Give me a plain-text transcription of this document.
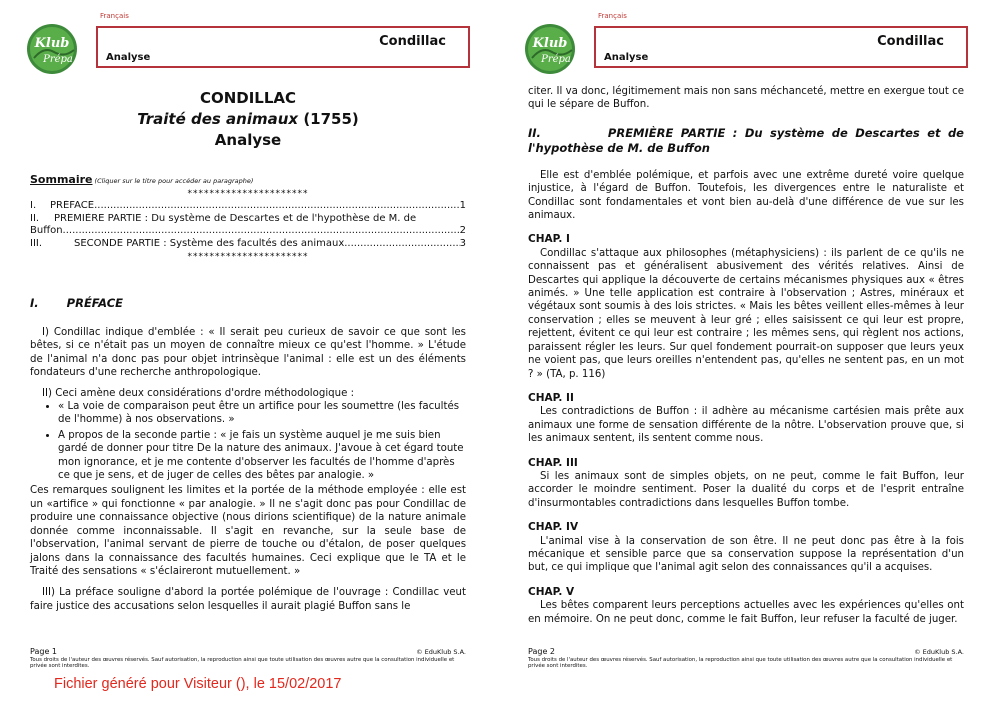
Klub
Prépa
Français
Condillac
Analyse
CONDILLAC
Traité des animaux (1755)
Analyse
Sommaire (Cliquer sur le titre pour accéder au paragraphe)
**********************
I.	PRÉFACE .....	1
II.	PREMIÈRE PARTIE : Du système de Descartes et de l'hypothèse de M. de
Buffon .....	2
III.	SECONDE PARTIE : Système des facultés des animaux .....	3
**********************
I. PRÉFACE

I) Condillac indique d'emblée : « Il serait peu curieux de savoir ce que sont les bêtes, si ce n'était pas un moyen de connaître mieux ce qu'est l'homme. » L'étude de l'animal n'a donc pas pour objet intrinsèque l'animal : elle est un des éléments fondateurs d'une recherche anthropologique.

II) Ceci amène deux considérations d'ordre méthodologique :

• « La voie de comparaison peut être un artifice pour les soumettre (les facultés de l'homme) à nos observations. »
• A propos de la seconde partie : « je fais un système auquel je me suis bien gardé de donner pour titre De la nature des animaux. J'avoue à cet égard toute mon ignorance, et je me contente d'observer les facultés de l'homme d'après ce que je sens, et de juger de celles des bêtes par analogie. »

Ces remarques soulignent les limites et la portée de la méthode employée : elle est un «artifice » qui fonctionne « par analogie. » Il ne s'agit donc pas pour Condillac de produire une connaissance objective (nous dirions scientifique) de la nature animale donnée comme inconnaissable. Il s'agit en revanche, sur la seule base de l'observation, l'animal servant de pierre de touche ou d'étalon, de poser quelques jalons dans la connaissance des facultés humaines. Ceci explique que le TA et le Traité des sensations « s'éclaireront mutuellement. »

III) La préface souligne d'abord la portée polémique de l'ouvrage : Condillac veut faire justice des accusations selon lesquelles il aurait plagié Buffon sans le

Page 1	© EduKlub S.A.
Tous droits de l'auteur des œuvres réservés. Sauf autorisation, la reproduction ainsi que toute utilisation des œuvres autre que la consultation individuelle et privée sont interdites.
Fichier généré pour Visiteur (), le 15/02/2017
Klub
Prépa
Français
Condillac
Analyse

citer. Il va donc, légitimement mais non sans méchanceté, mettre en exergue tout ce qui le sépare de Buffon.

II.	PREMIÈRE PARTIE : Du système de Descartes et de l'hypothèse de M. de Buffon

Elle est d'emblée polémique, et parfois avec une extrême dureté voire quelque injustice, à l'égard de Buffon. Toutefois, les divergences entre le naturaliste et Condillac sont fondamentales et vont bien au-delà d'une différence de vue sur les animaux.

CHAP. I

Condillac s'attaque aux philosophes (métaphysiciens) : ils parlent de ce qu'ils ne connaissent pas et généralisent abusivement des vérités relatives. Ainsi de Descartes qui applique la découverte de certains mécanismes physiques aux « êtres animés. » Une telle application est contraire à l'observation ; Astres, minéraux et végétaux sont soumis à des lois strictes. « Mais les bêtes veillent elles-mêmes à leur conservation ; elles se meuvent à leur gré ; elles saisissent ce qui leur est propre, rejettent, évitent ce qui leur est contraire ; les mêmes sens, qui règlent nos actions, paraissent régler les leurs. Sur quel fondement pourrait-on supposer que leurs yeux ne voient pas, que leurs oreilles n'entendent pas, qu'elles ne sentent pas, en un mot ? » (TA, p. 116)

CHAP. II

Les contradictions de Buffon : il adhère au mécanisme cartésien mais prête aux animaux une forme de sensation différente de la nôtre. L'observation prouve que, si les animaux sentent, ils sentent comme nous.

CHAP. III

Si les animaux sont de simples objets, on ne peut, comme le fait Buffon, leur accorder le moindre sentiment. Poser la dualité du corps et de l'esprit entraîne d'insurmontables contradictions dans lesquelles Buffon tombe.

CHAP. IV

L'animal vise à la conservation de son être. Il ne peut donc pas être à la fois mécanique et sensible parce que sa conservation suppose la représentation d'un but, ce qui implique que l'animal agit selon des connaissances qu'il a acquises.

CHAP. V

Les bêtes comparent leurs perceptions actuelles avec les expériences qu'elles ont en mémoire. On ne peut donc, comme le fait Buffon, leur refuser la faculté de juger.

Page 2	© EduKlub S.A.
Tous droits de l'auteur des œuvres réservés. Sauf autorisation, la reproduction ainsi que toute utilisation des œuvres autre que la consultation individuelle et privée sont interdites.
